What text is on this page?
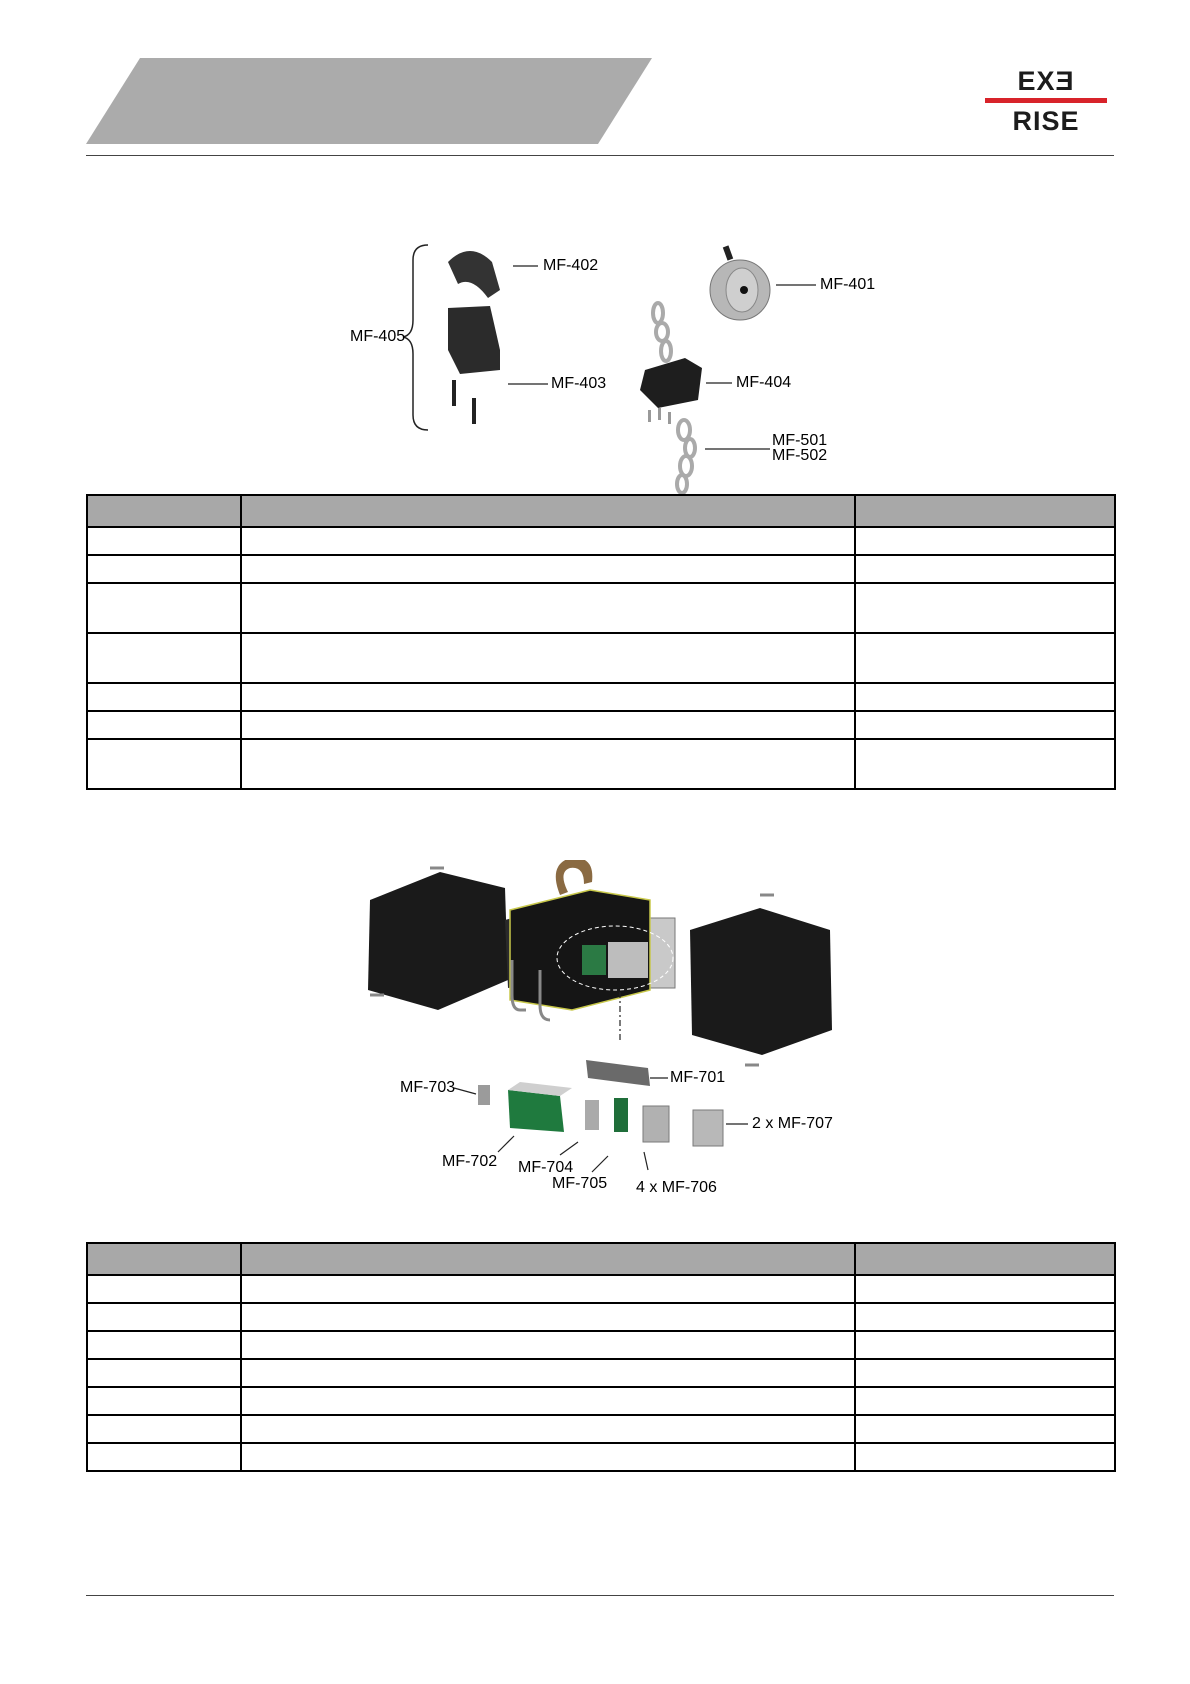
EXƎ
RISE
MF-405
MF-402
MF-403
MF-401
MF-404
MF-501
MF-502

MF-701
MF-703
MF-702 MF-704
MF-705 4 x MF-706
2 x MF-707
